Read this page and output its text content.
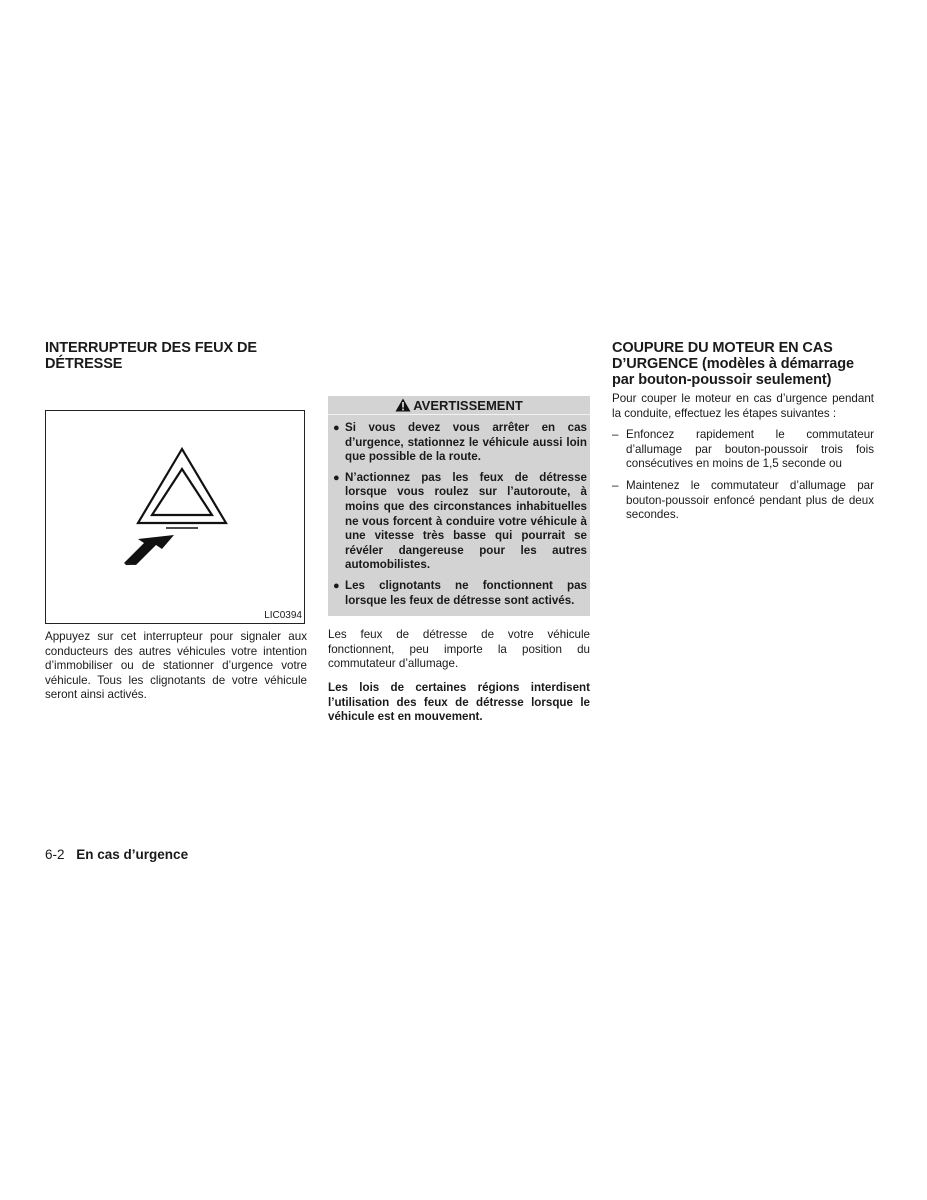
INTERRUPTEUR DES FEUX DE DÉTRESSE
LIC0394

Appuyez sur cet interrupteur pour signaler aux conducteurs des autres véhicules votre intention d’immobiliser ou de stationner d’urgence votre véhicule. Tous les clignotants de votre véhicule seront ainsi activés.

AVERTISSEMENT
● Si vous devez vous arrêter en cas d’urgence, stationnez le véhicule aussi loin que possible de la route.
● N’actionnez pas les feux de détresse lorsque vous roulez sur l’autoroute, à moins que des circonstances inhabituelles ne vous forcent à conduire votre véhicule à une vitesse très basse qui pourrait se révéler dangereuse pour les autres automobilistes.
● Les clignotants ne fonctionnent pas lorsque les feux de détresse sont activés.

Les feux de détresse de votre véhicule fonctionnent, peu importe la position du commutateur d’allumage.

Les lois de certaines régions interdisent l’utilisation des feux de détresse lorsque le véhicule est en mouvement.

COUPURE DU MOTEUR EN CAS
D’URGENCE (modèles à démarrage par bouton-poussoir seulement)

Pour couper le moteur en cas d’urgence pendant la conduite, effectuez les étapes suivantes :

– Enfoncez rapidement le commutateur d’allumage par bouton-poussoir trois fois consécutives en moins de 1,5 seconde ou
– Maintenez le commutateur d’allumage par bouton-poussoir enfoncé pendant plus de deux secondes.
6-2 En cas d’urgence
